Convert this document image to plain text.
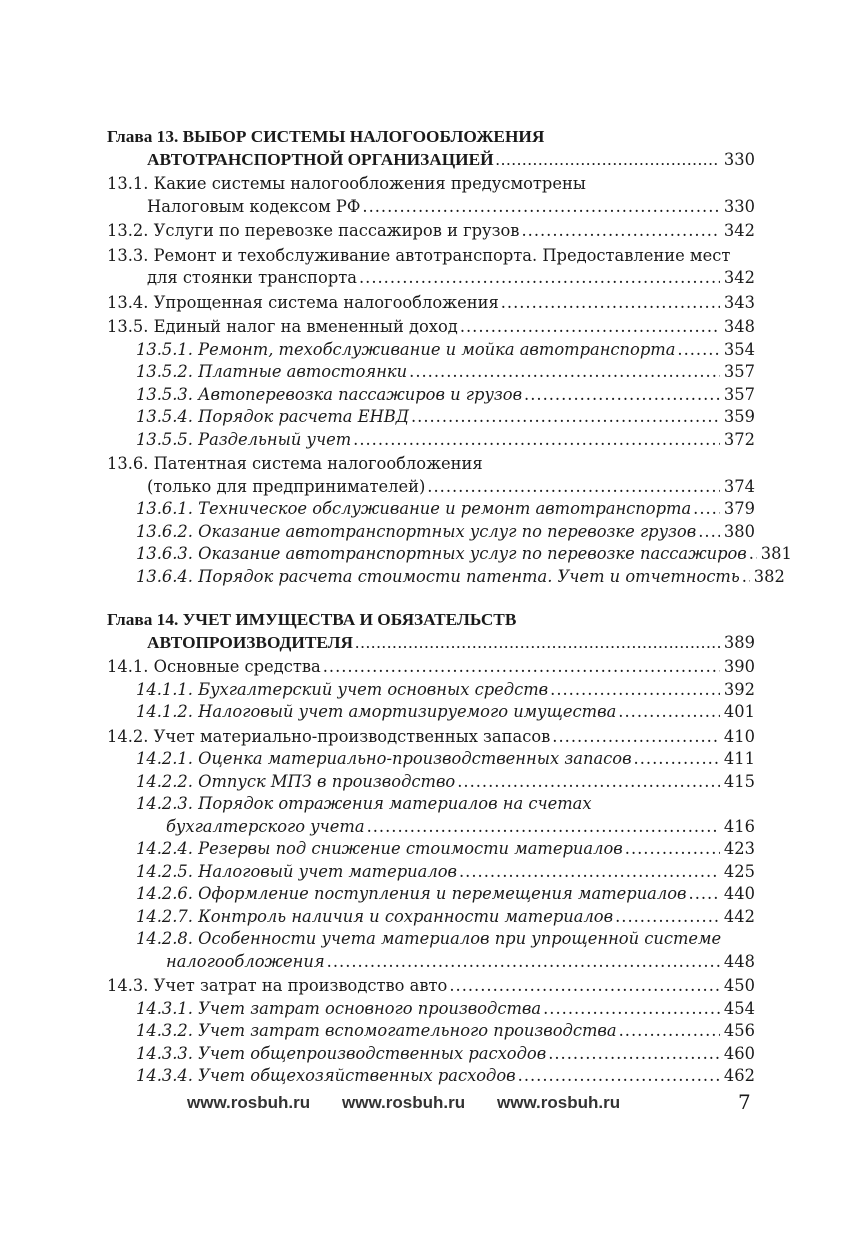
Глава 13. ВЫБОР СИСТЕМЫ НАЛОГООБЛОЖЕНИЯ
АВТОТРАНСПОРТНОЙ ОРГАНИЗАЦИЕЙ .....	330
13.1. Какие системы налогообложения предусмотрены
Налоговым кодексом РФ .....	330
13.2. Услуги по перевозке пассажиров и грузов .....	342
13.3. Ремонт и техобслуживание автотранспорта. Предоставление мест
для стоянки транспорта .....	342
13.4. Упрощенная система налогообложения .....	343
13.5. Единый налог на вмененный доход .....	348
13.5.1. Ремонт, техобслуживание и мойка автотранспорта .....	354
13.5.2. Платные автостоянки .....	357
13.5.3. Автоперевозка пассажиров и грузов .....	357
13.5.4. Порядок расчета ЕНВД .....	359
13.5.5. Раздельный учет .....	372
13.6. Патентная система налогообложения
(только для предпринимателей) .....	374
13.6.1. Техническое обслуживание и ремонт автотранспорта ..... 379
13.6.2. Оказание автотранспортных услуг по перевозке грузов ..... 380
13.6.3. Оказание автотранспортных услуг по перевозке пассажиров ..... 381
13.6.4. Порядок расчета стоимости патента. Учет и отчетность ..... 382
Глава 14. УЧЕТ ИМУЩЕСТВА И ОБЯЗАТЕЛЬСТВ
АВТОПРОИЗВОДИТЕЛЯ .....	389
14.1. Основные средства .....	390
14.1.1. Бухгалтерский учет основных средств .....	392
14.1.2. Налоговый учет амортизируемого имущества .....	401
14.2. Учет материально-производственных запасов .....	410
14.2.1. Оценка материально-производственных запасов .....	411
14.2.2. Отпуск МПЗ в производство .....	415
14.2.3. Порядок отражения материалов на счетах
бухгалтерского учета .....	416
14.2.4. Резервы под снижение стоимости материалов .....	423
14.2.5. Налоговый учет материалов .....	425
14.2.6. Оформление поступления и перемещения материалов ..... 440
14.2.7. Контроль наличия и сохранности материалов .....	442
14.2.8. Особенности учета материалов при упрощенной системе
налогообложения .....	448
14.3. Учет затрат на производство авто .....	450
14.3.1. Учет затрат основного производства .....	454
14.3.2. Учет затрат вспомогательного производства .....	456
14.3.3. Учет общепроизводственных расходов .....	460
14.3.4. Учет общехозяйственных расходов .....	462
www.rosbuh.ru www.rosbuh.ru www.rosbuh.ru	7
